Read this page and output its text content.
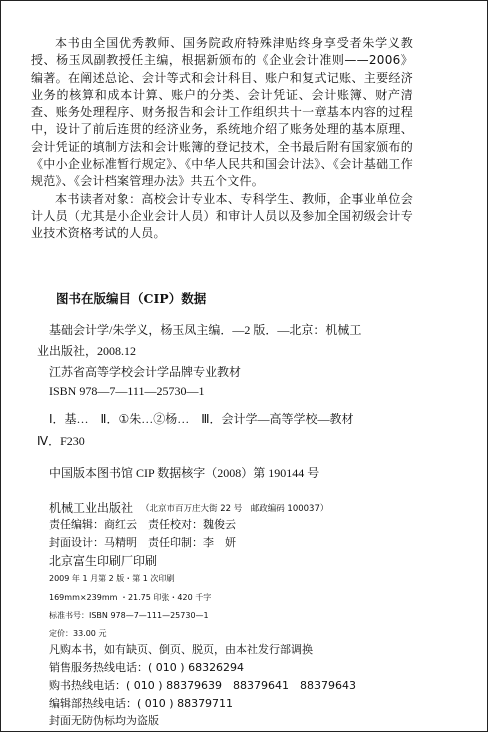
本书由全国优秀教师、国务院政府特殊津贴终身享受者朱学义教授、杨玉凤副教授任主编，根据新颁布的《企业会计准则——2006》编著。在阐述总论、会计等式和会计科目、账户和复式记账、主要经济业务的核算和成本计算、账户的分类、会计凭证、会计账簿、财产清查、账务处理程序、财务报告和会计工作组织共十一章基本内容的过程中，设计了前后连贯的经济业务，系统地介绍了账务处理的基本原理、会计凭证的填制方法和会计账簿的登记技术，全书最后附有国家颁布的《中小企业标准暂行规定》、《中华人民共和国会计法》、《会计基础工作规范》、《会计档案管理办法》共五个文件。

本书读者对象：高校会计专业本、专科学生、教师，企事业单位会计人员（尤其是小企业会计人员）和审计人员以及参加全国初级会计专业技术资格考试的人员。

图书在版编目（CIP）数据
基础会计学/朱学义，杨玉凤主编．—2 版．—北京：机械工
业出版社，2008.12
江苏省高等学校会计学品牌专业教材
ISBN 978—7—111—25730—1
Ⅰ．基…　Ⅱ．①朱…②杨…　Ⅲ．会计学—高等学校—教材
Ⅳ．F230
中国版本图书馆 CIP 数据核字（2008）第 190144 号
机械工业出版社 （北京市百万庄大街 22 号　邮政编码 100037）
责任编辑：商红云　责任校对：魏俊云
封面设计：马精明　责任印制：李　妍
北京富生印刷厂印刷
2009 年 1 月第 2 版・第 1 次印刷
169mm×239mm ・21.75 印张・420 千字
标准书号：ISBN 978—7—111—25730—1
定价：33.00 元
凡购本书，如有缺页、倒页、脱页，由本社发行部调换
销售服务热线电话：( 010 ) 68326294
购书热线电话：( 010 ) 88379639　88379641　88379643
编辑部热线电话：( 010 ) 88379711
封面无防伪标均为盗版
